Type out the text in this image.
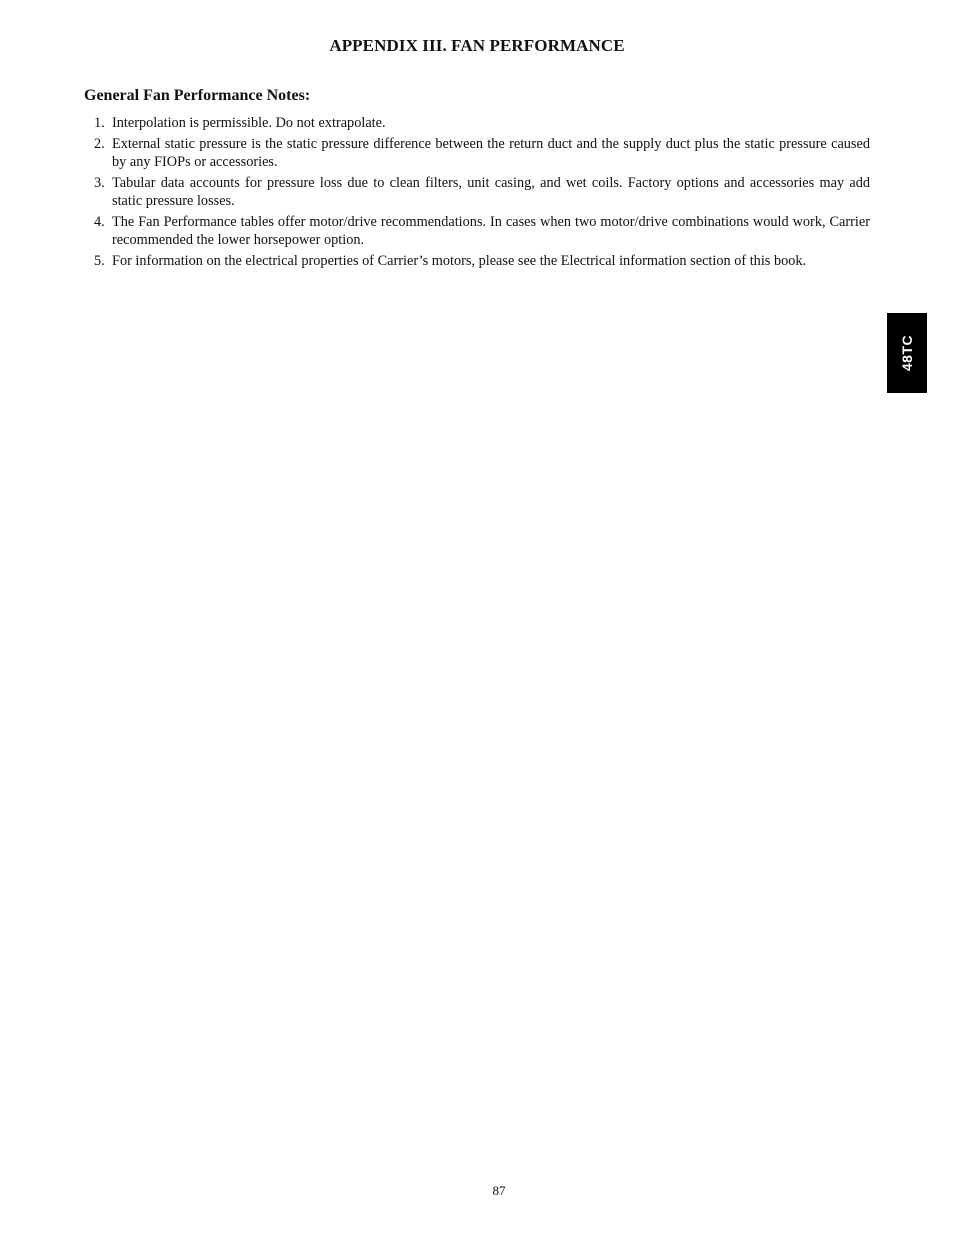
APPENDIX III. FAN PERFORMANCE
General Fan Performance Notes:
1. Interpolation is permissible. Do not extrapolate.
2. External static pressure is the static pressure difference between the return duct and the supply duct plus the static pressure caused by any FIOPs or accessories.
3. Tabular data accounts for pressure loss due to clean filters, unit casing, and wet coils. Factory options and accessories may add static pressure losses.
4. The Fan Performance tables offer motor/drive recommendations. In cases when two motor/drive combinations would work, Carrier recommended the lower horsepower option.
5. For information on the electrical properties of Carrier’s motors, please see the Electrical information section of this book.
48TC
87
